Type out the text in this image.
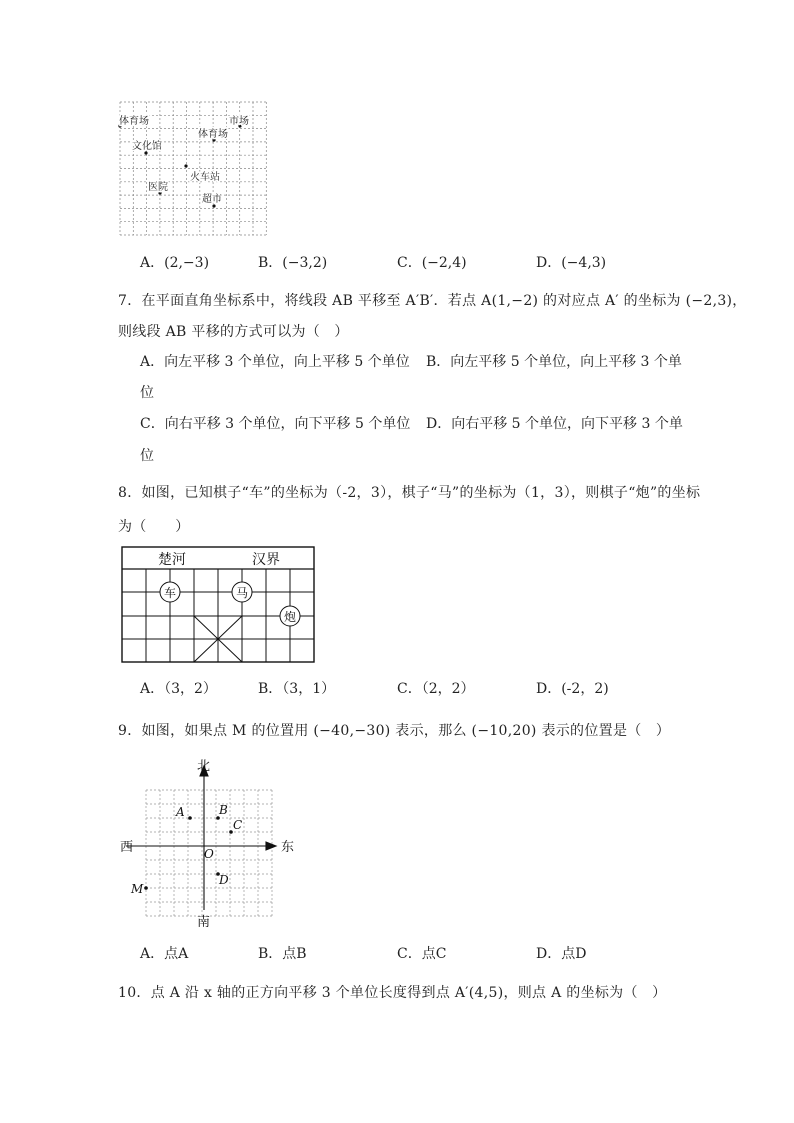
体育场	市场
体育场
文化馆
火车站
医院
超市
A．(2,−3)	B．(−3,2)	C．(−2,4)	D．(−4,3)
7．在平面直角坐标系中，将线段 AB 平移至 A′B′．若点 A(1,−2) 的对应点 A′ 的坐标为 (−2,3)，
则线段 AB 平移的方式可以为（　）
A．向左平移 3 个单位，向上平移 5 个单位 B．向左平移 5 个单位，向上平移 3 个单
位
C．向右平移 3 个单位，向下平移 5 个单位 D．向右平移 5 个单位，向下平移 3 个单
位
8．如图，已知棋子“车”的坐标为（-2，3），棋子“马”的坐标为（1，3），则棋子“炮”的坐标
为（　　）
楚河	汉界
车	马
炮
A．（3，2）	B．（3，1）	C．（2，2）	D．(-2，2)
9．如图，如果点 M 的位置用 (−40,−30) 表示，那么 (−10,20) 表示的位置是（　）
北
南
西	东
O
A	B
C
D
M
A．点A	B．点B	C．点C	D．点D
10．点 A 沿 x 轴的正方向平移 3 个单位长度得到点 A′(4,5)，则点 A 的坐标为（　）
